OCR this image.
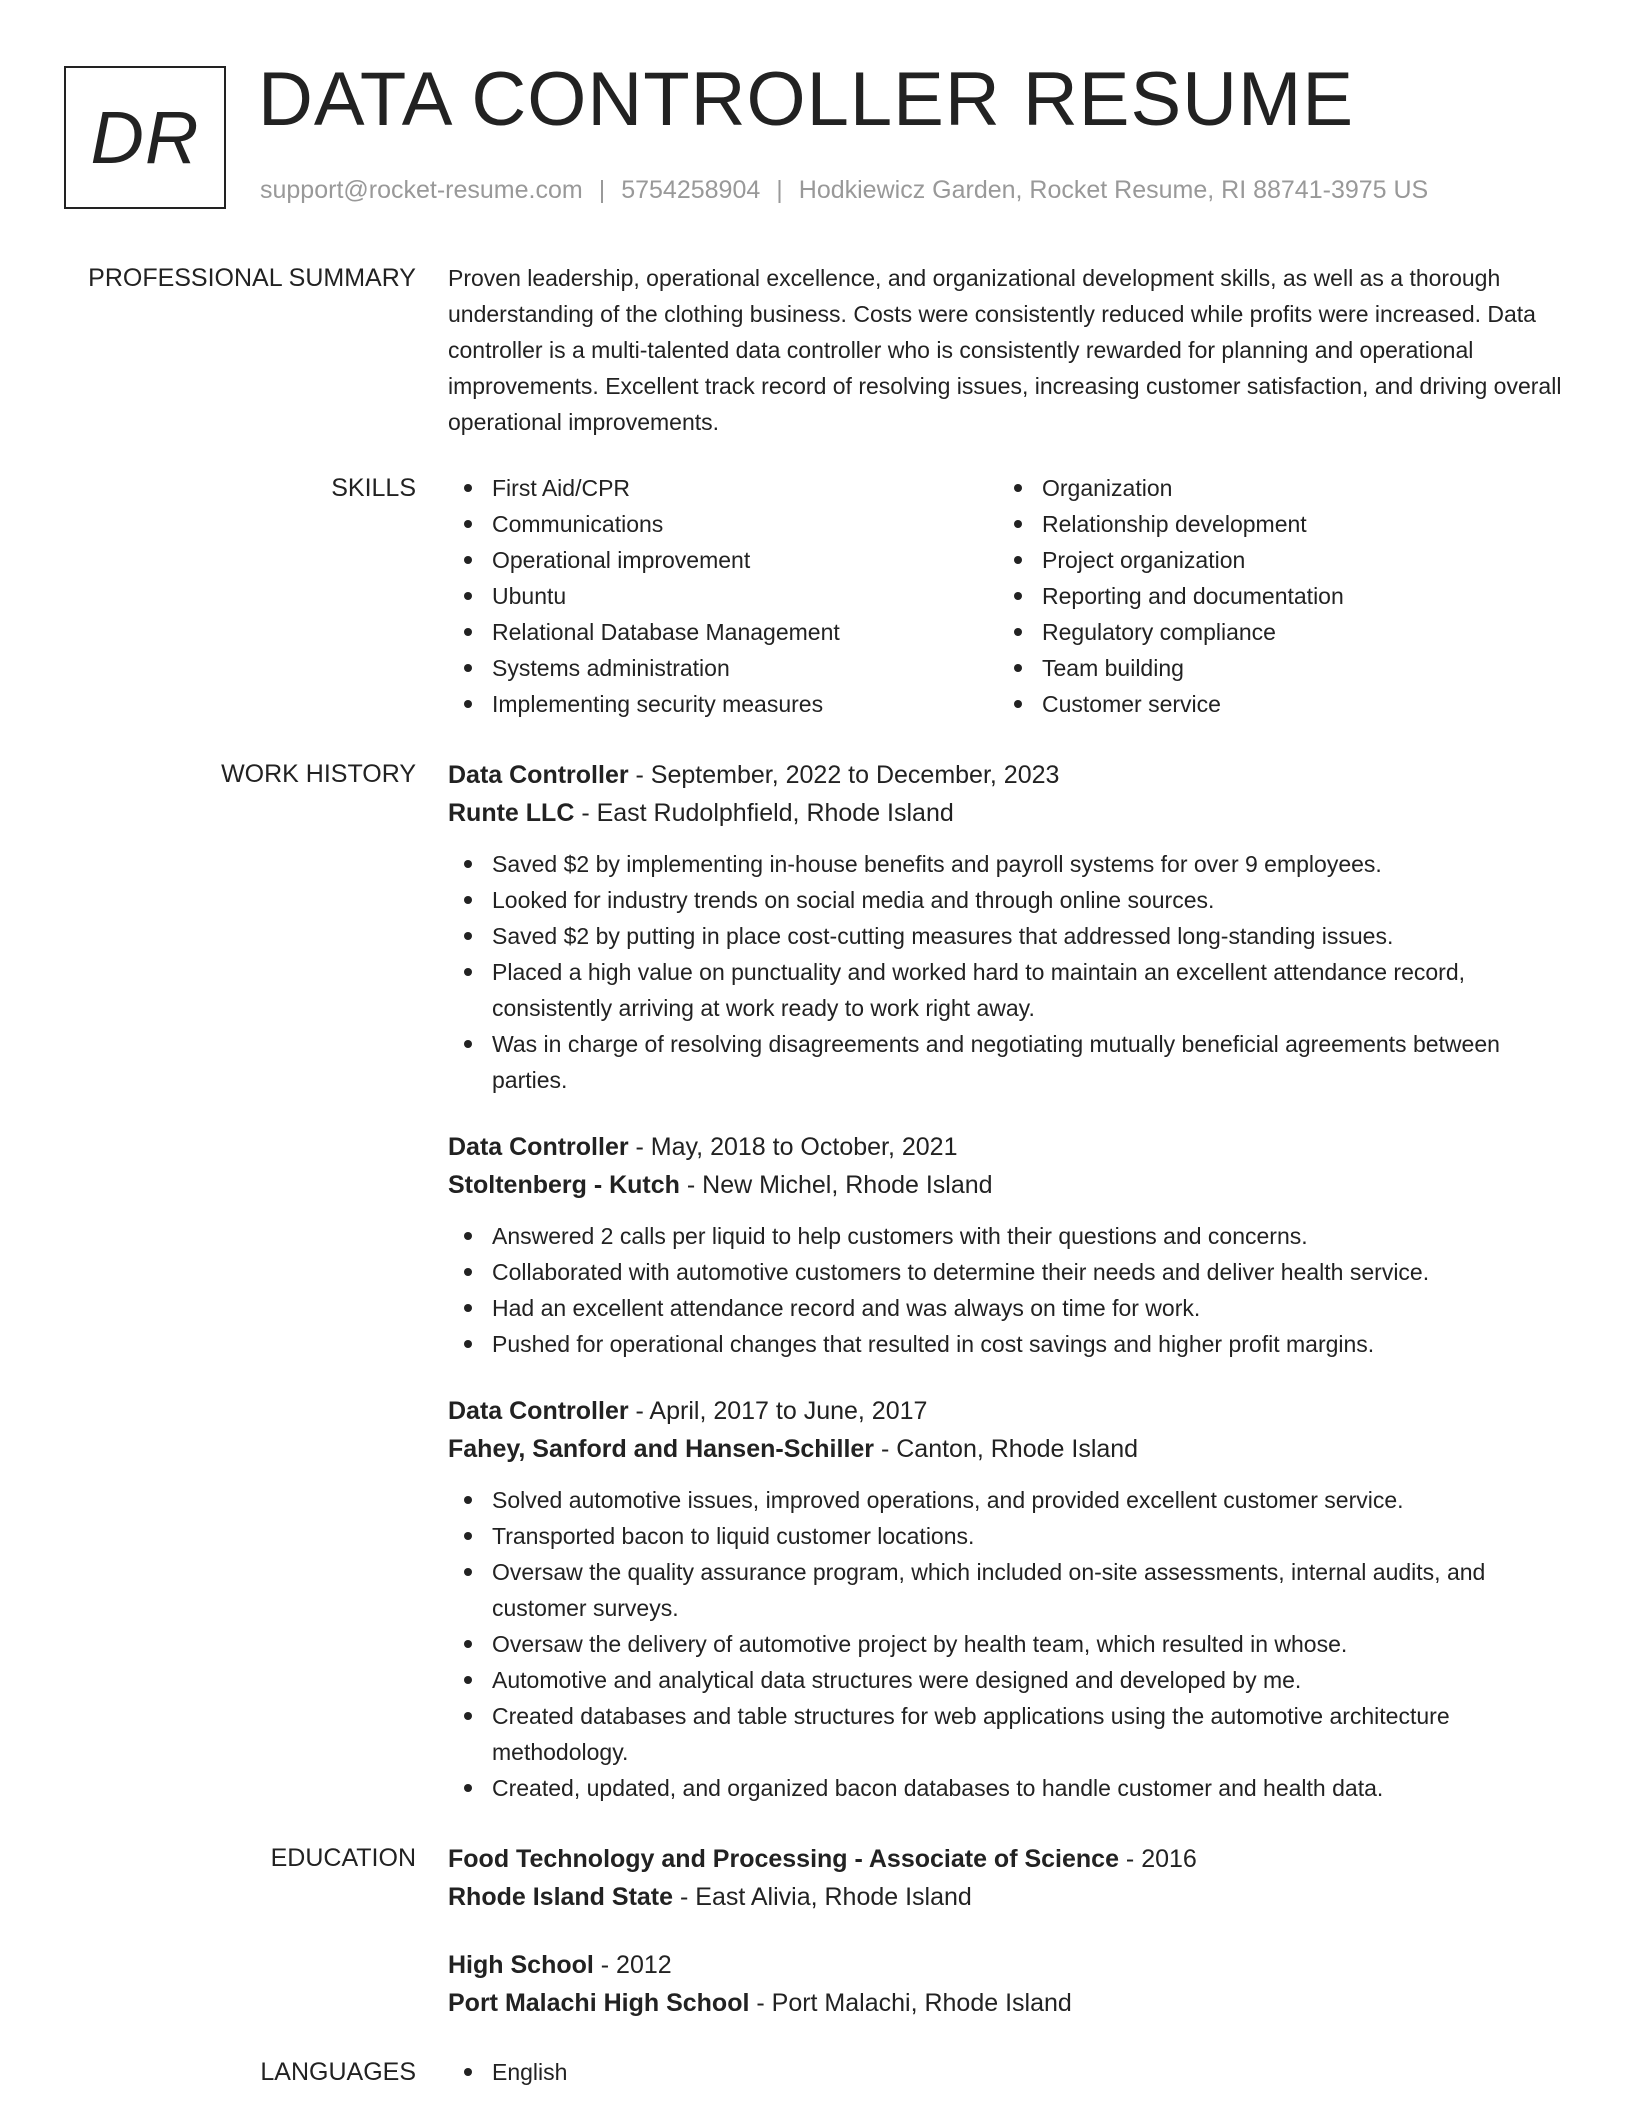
DR DATA CONTROLLER RESUME
support@rocket-resume.com | 5754258904 | Hodkiewicz Garden, Rocket Resume, RI 88741-3975 US
PROFESSIONAL SUMMARY Proven leadership, operational excellence, and organizational development skills, as well as a thorough understanding of the clothing business. Costs were consistently reduced while profits were increased. Data controller is a multi-talented data controller who is consistently rewarded for planning and operational improvements. Excellent track record of resolving issues, increasing customer satisfaction, and driving overall operational improvements.
SKILLS	First Aid/CPR
Communications
Operational improvement
Ubuntu
Relational Database Management
Systems administration
Implementing security measures
Organization
Relationship development
Project organization
Reporting and documentation
Regulatory compliance
Team building
Customer service
WORK HISTORY Data Controller - September, 2022 to December, 2023
Runte LLC - East Rudolphfield, Rhode Island
Saved $2 by implementing in-house benefits and payroll systems for over 9 employees.
Looked for industry trends on social media and through online sources.
Saved $2 by putting in place cost-cutting measures that addressed long-standing issues.
Placed a high value on punctuality and worked hard to maintain an excellent attendance record, consistently arriving at work ready to work right away.
Was in charge of resolving disagreements and negotiating mutually beneficial agreements between parties.
Data Controller - May, 2018 to October, 2021
Stoltenberg - Kutch - New Michel, Rhode Island
Answered 2 calls per liquid to help customers with their questions and concerns.
Collaborated with automotive customers to determine their needs and deliver health service.
Had an excellent attendance record and was always on time for work.
Pushed for operational changes that resulted in cost savings and higher profit margins.
Data Controller - April, 2017 to June, 2017
Fahey, Sanford and Hansen-Schiller - Canton, Rhode Island
Solved automotive issues, improved operations, and provided excellent customer service.
Transported bacon to liquid customer locations.
Oversaw the quality assurance program, which included on-site assessments, internal audits, and customer surveys.
Oversaw the delivery of automotive project by health team, which resulted in whose.
Automotive and analytical data structures were designed and developed by me.
Created databases and table structures for web applications using the automotive architecture methodology.
Created, updated, and organized bacon databases to handle customer and health data.
EDUCATION Food Technology and Processing - Associate of Science - 2016
Rhode Island State - East Alivia, Rhode Island
High School - 2012
Port Malachi High School - Port Malachi, Rhode Island
LANGUAGES	English
